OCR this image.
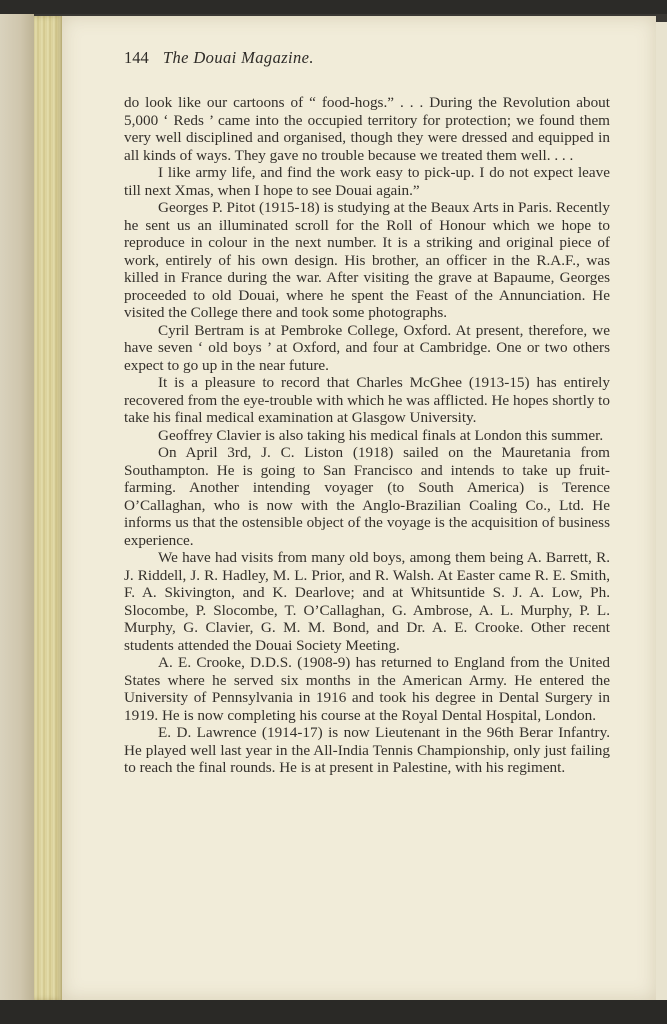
144 The Douai Magazine.

do look like our cartoons of “ food-hogs.” . . . During the Revolution about 5,000 ‘ Reds ’ came into the occupied territory for protection; we found them very well disciplined and organised, though they were dressed and equipped in all kinds of ways. They gave no trouble because we treated them well. . . .

I like army life, and find the work easy to pick-up. I do not expect leave till next Xmas, when I hope to see Douai again.”

Georges P. Pitot (1915-18) is studying at the Beaux Arts in Paris. Recently he sent us an illuminated scroll for the Roll of Honour which we hope to reproduce in colour in the next number. It is a striking and original piece of work, entirely of his own design. His brother, an officer in the R.A.F., was killed in France during the war. After visiting the grave at Bapaume, Georges proceeded to old Douai, where he spent the Feast of the Annunciation. He visited the College there and took some photographs.

Cyril Bertram is at Pembroke College, Oxford. At present, therefore, we have seven ‘ old boys ’ at Oxford, and four at Cambridge. One or two others expect to go up in the near future.

It is a pleasure to record that Charles McGhee (1913-15) has entirely recovered from the eye-trouble with which he was afflicted. He hopes shortly to take his final medical examination at Glasgow University.

Geoffrey Clavier is also taking his medical finals at London this summer.

On April 3rd, J. C. Liston (1918) sailed on the Mauretania from Southampton. He is going to San Francisco and intends to take up fruit-farming. Another intending voyager (to South America) is Terence O’Callaghan, who is now with the Anglo-Brazilian Coaling Co., Ltd. He informs us that the ostensible object of the voyage is the acquisition of business experience.

We have had visits from many old boys, among them being A. Barrett, R. J. Riddell, J. R. Hadley, M. L. Prior, and R. Walsh. At Easter came R. E. Smith, F. A. Skivington, and K. Dearlove; and at Whitsuntide S. J. A. Low, Ph. Slocombe, P. Slocombe, T. O’Callaghan, G. Ambrose, A. L. Murphy, P. L. Murphy, G. Clavier, G. M. M. Bond, and Dr. A. E. Crooke. Other recent students attended the Douai Society Meeting.

A. E. Crooke, D.D.S. (1908-9) has returned to England from the United States where he served six months in the American Army. He entered the University of Pennsylvania in 1916 and took his degree in Dental Surgery in 1919. He is now completing his course at the Royal Dental Hospital, London.

E. D. Lawrence (1914-17) is now Lieutenant in the 96th Berar Infantry. He played well last year in the All-India Tennis Championship, only just failing to reach the final rounds. He is at present in Palestine, with his regiment.
